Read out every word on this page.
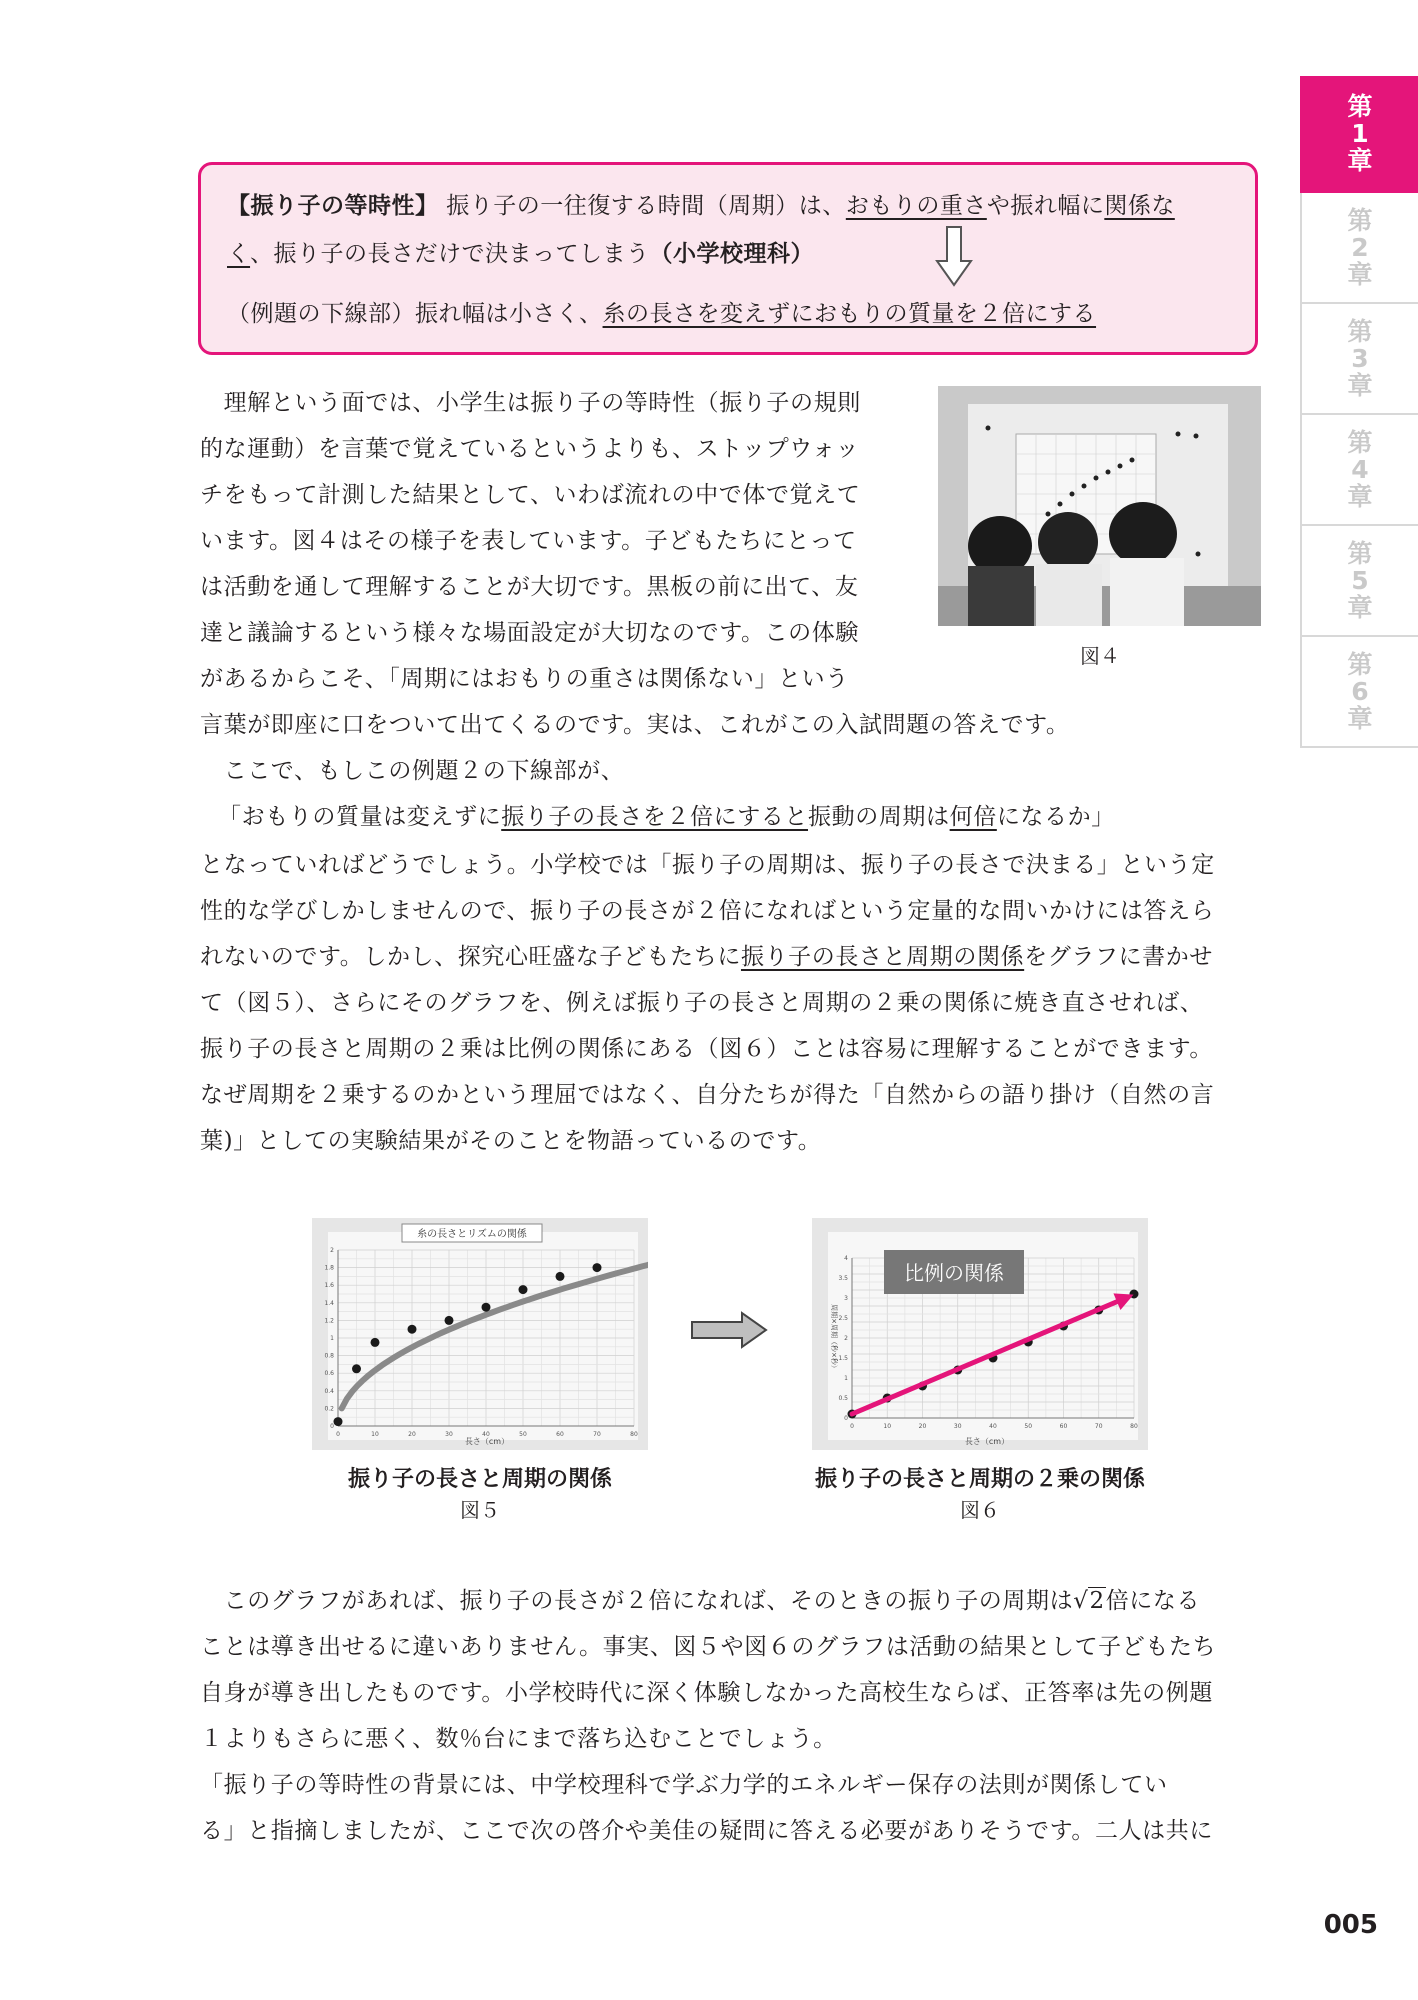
第
1
章
第
2
章
第
3
章
第
4
章
第
5
章
第
6
章
【振り子の等時性】 振り子の一往復する時間（周期）は、おもりの重さや振れ幅に関係な
く、振り子の長さだけで決まってしまう（小学校理科）
（例題の下線部）振れ幅は小さく、糸の長さを変えずにおもりの質量を２倍にする
　理解という面では、小学生は振り子の等時性（振り子の規則
的な運動）を言葉で覚えているというよりも、ストップウォッ
チをもって計測した結果として、いわば流れの中で体で覚えて
います。図４はその様子を表しています。子どもたちにとって
は活動を通して理解することが大切です。黒板の前に出て、友
達と議論するという様々な場面設定が大切なのです。この体験
があるからこそ、「周期にはおもりの重さは関係ない」という
言葉が即座に口をついて出てくるのです。実は、これがこの入試問題の答えです。
　ここで、もしこの例題２の下線部が、
図４
「おもりの質量は変えずに振り子の長さを２倍にすると振動の周期は何倍になるか」
となっていればどうでしょう。小学校では「振り子の周期は、振り子の長さで決まる」という定
性的な学びしかしませんので、振り子の長さが２倍になればという定量的な問いかけには答えら
れないのです。しかし、探究心旺盛な子どもたちに振り子の長さと周期の関係をグラフに書かせ
て（図５）、さらにそのグラフを、例えば振り子の長さと周期の２乗の関係に焼き直させれば、
振り子の長さと周期の２乗は比例の関係にある（図６）ことは容易に理解することができます。
なぜ周期を２乗するのかという理屈ではなく、自分たちが得た「自然からの語り掛け（自然の言
葉)」としての実験結果がそのことを物語っているのです。
糸の長さとリズムの関係
0	10	20	30	40	50	60	70	80
0
0.2
0.4
0.6
0.8
1
1.2
1.4
1.6
1.8
2
長さ（cm）
振り子の長さと周期の関係
図５
比例の関係
0	10	20	30	40	50	60	70	80
0
0.5
1
1.5
2
2.5
3
3.5
4
長さ（cm）
周期×周期（秒×秒）
振り子の長さと周期の２乗の関係
図６
　このグラフがあれば、振り子の長さが２倍になれば、そのときの振り子の周期は√2倍になる
ことは導き出せるに違いありません。事実、図５や図６のグラフは活動の結果として子どもたち
自身が導き出したものです。小学校時代に深く体験しなかった高校生ならば、正答率は先の例題
１よりもさらに悪く、数％台にまで落ち込むことでしょう。
「振り子の等時性の背景には、中学校理科で学ぶ力学的エネルギー保存の法則が関係してい
る」と指摘しましたが、ここで次の啓介や美佳の疑問に答える必要がありそうです。二人は共に
005
